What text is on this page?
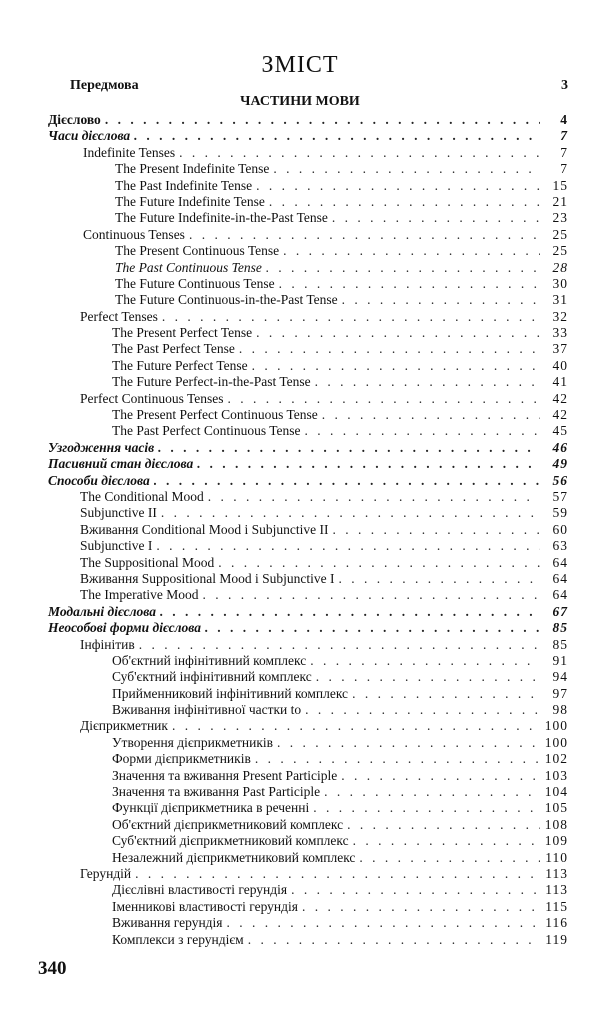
ЗМІСТ
Передмова	3
ЧАСТИНИ МОВИ
Дієслово . . .	4
Часи дієслова . . .	7
Indefinite Tenses . . .	7
The Present Indefinite Tense . . .	7
The Past Indefinite Tense . . .	15
The Future Indefinite Tense . . .	21
The Future Indefinite-in-the-Past Tense . . .	23
Continuous Tenses . . .	25
The Present Continuous Tense . . .	25
The Past Continuous Tense . . .	28
The Future Continuous Tense . . .	30
The Future Continuous-in-the-Past Tense . . .	31
Perfect Tenses . . .	32
The Present Perfect Tense . . .	33
The Past Perfect Tense . . .	37
The Future Perfect Tense . . .	40
The Future Perfect-in-the-Past Tense . . .	41
Perfect Continuous Tenses . . .	42
The Present Perfect Continuous Tense . . .	42
The Past Perfect Continuous Tense . . .	45
Узгодження часів . . .	46
Пасивний стан дієслова . . .	49
Способи дієслова . . .	56
The Conditional Mood . . .	57
Subjunctive II . . .	59
Вживання Conditional Mood і Subjunctive II . . .	60
Subjunctive I . . .	63
The Suppositional Mood . . .	64
Вживання Suppositional Mood і Subjunctive I . . .	64
The Imperative Mood . . .	64
Модальні дієслова . . .	67
Неособові форми дієслова . . .	85
Інфінітив . . .	85
Об'єктний інфінітивний комплекс . . .	91
Суб'єктний інфінітивний комплекс . . .	94
Прийменниковий інфінітивний комплекс . . .	97
Вживання інфінітивної частки to . . .	98
Дієприкметник . . .	100
Утворення дієприкметників . . .	100
Форми дієприкметників . . .	102
Значення та вживання Present Participle . . .	103
Значення та вживання Past Participle . . .	104
Функції дієприкметника в реченні . . .	105
Об'єктний дієприкметниковий комплекс . . .	108
Суб'єктний дієприкметниковий комплекс . . .	109
Незалежний дієприкметниковий комплекс . . .	110
Герундій . . .	113
Дієслівні властивості герундія . . .	113
Іменникові властивості герундія . . .	115
Вживання герундія . . .	116
Комплекси з герундієм . . .	119
340
